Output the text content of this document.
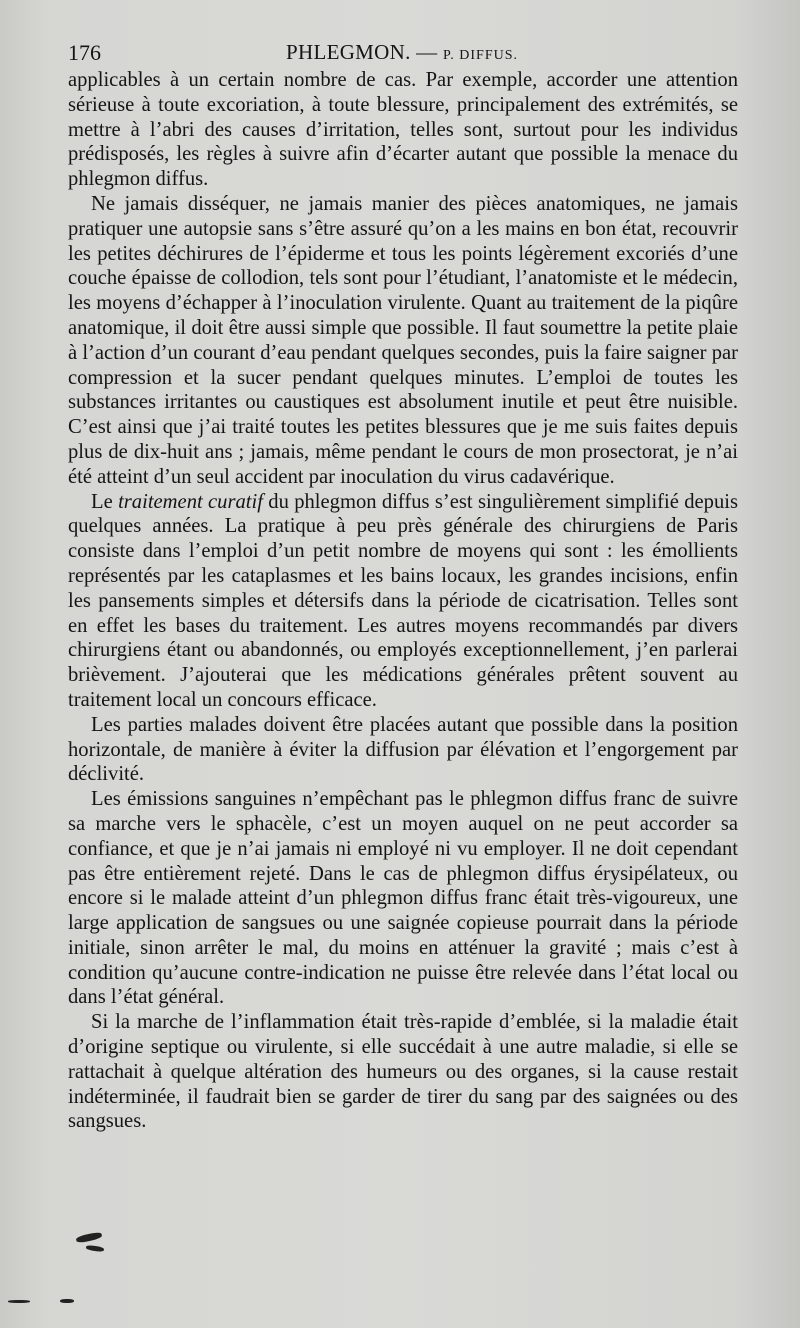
176	PHLEGMON. — P. DIFFUS.

applicables à un certain nombre de cas. Par exemple, accorder une attention sérieuse à toute excoriation, à toute blessure, principalement des extrémités, se mettre à l’abri des causes d’irritation, telles sont, surtout pour les individus prédisposés, les règles à suivre afin d’écarter autant que possible la menace du phlegmon diffus.

Ne jamais disséquer, ne jamais manier des pièces anatomiques, ne jamais pratiquer une autopsie sans s’être assuré qu’on a les mains en bon état, recouvrir les petites déchirures de l’épiderme et tous les points légèrement excoriés d’une couche épaisse de collodion, tels sont pour l’étudiant, l’anatomiste et le médecin, les moyens d’échapper à l’inoculation virulente. Quant au traitement de la piqûre anatomique, il doit être aussi simple que possible. Il faut soumettre la petite plaie à l’action d’un courant d’eau pendant quelques secondes, puis la faire saigner par compression et la sucer pendant quelques minutes. L’emploi de toutes les substances irritantes ou caustiques est absolument inutile et peut être nuisible. C’est ainsi que j’ai traité toutes les petites blessures que je me suis faites depuis plus de dix-huit ans ; jamais, même pendant le cours de mon prosectorat, je n’ai été atteint d’un seul accident par inoculation du virus cadavérique.

Le traitement curatif du phlegmon diffus s’est singulièrement simplifié depuis quelques années. La pratique à peu près générale des chirurgiens de Paris consiste dans l’emploi d’un petit nombre de moyens qui sont : les émollients représentés par les cataplasmes et les bains locaux, les grandes incisions, enfin les pansements simples et détersifs dans la période de cicatrisation. Telles sont en effet les bases du traitement. Les autres moyens recommandés par divers chirurgiens étant ou abandonnés, ou employés exceptionnellement, j’en parlerai brièvement. J’ajouterai que les médications générales prêtent souvent au traitement local un concours efficace.

Les parties malades doivent être placées autant que possible dans la position horizontale, de manière à éviter la diffusion par élévation et l’engorgement par déclivité.

Les émissions sanguines n’empêchant pas le phlegmon diffus franc de suivre sa marche vers le sphacèle, c’est un moyen auquel on ne peut accorder sa confiance, et que je n’ai jamais ni employé ni vu employer. Il ne doit cependant pas être entièrement rejeté. Dans le cas de phlegmon diffus érysipélateux, ou encore si le malade atteint d’un phlegmon diffus franc était très-vigoureux, une large application de sangsues ou une saignée copieuse pourrait dans la période initiale, sinon arrêter le mal, du moins en atténuer la gravité ; mais c’est à condition qu’aucune contre-indication ne puisse être relevée dans l’état local ou dans l’état général.

Si la marche de l’inflammation était très-rapide d’emblée, si la maladie était d’origine septique ou virulente, si elle succédait à une autre maladie, si elle se rattachait à quelque altération des humeurs ou des organes, si la cause restait indéterminée, il faudrait bien se garder de tirer du sang par des saignées ou des sangsues.
